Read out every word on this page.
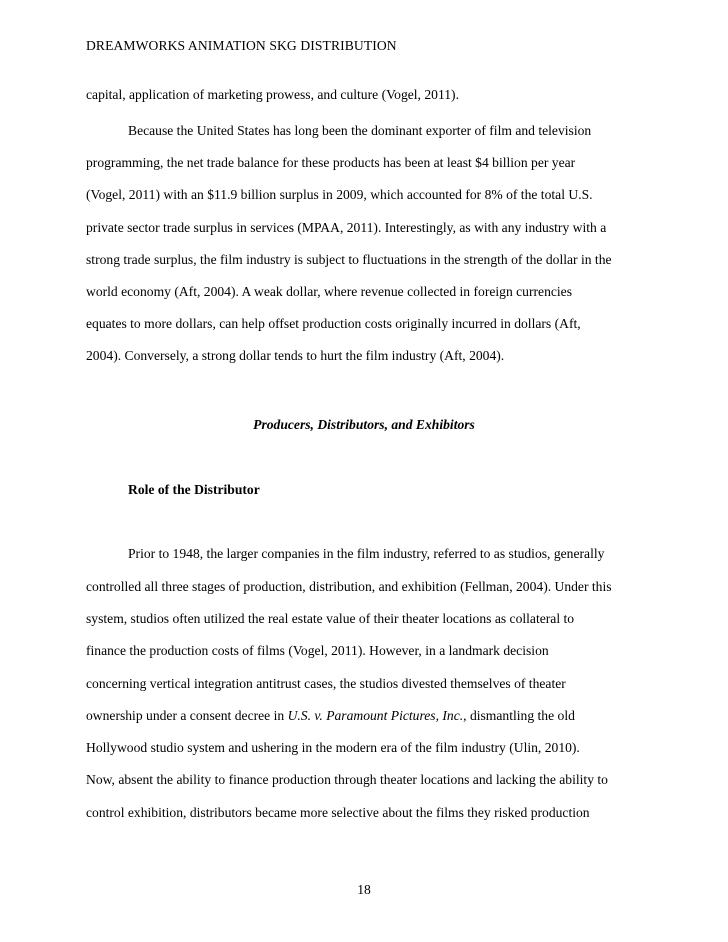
DREAMWORKS ANIMATION SKG DISTRIBUTION
capital, application of marketing prowess, and culture (Vogel, 2011).
Because the United States has long been the dominant exporter of film and television
programming, the net trade balance for these products has been at least $4 billion per year
(Vogel, 2011) with an $11.9 billion surplus in 2009, which accounted for 8% of the total U.S.
private sector trade surplus in services (MPAA, 2011). Interestingly, as with any industry with a
strong trade surplus, the film industry is subject to fluctuations in the strength of the dollar in the
world economy (Aft, 2004). A weak dollar, where revenue collected in foreign currencies
equates to more dollars, can help offset production costs originally incurred in dollars (Aft,
2004). Conversely, a strong dollar tends to hurt the film industry (Aft, 2004).
Producers, Distributors, and Exhibitors
Role of the Distributor
Prior to 1948, the larger companies in the film industry, referred to as studios, generally
controlled all three stages of production, distribution, and exhibition (Fellman, 2004). Under this
system, studios often utilized the real estate value of their theater locations as collateral to
finance the production costs of films (Vogel, 2011). However, in a landmark decision
concerning vertical integration antitrust cases, the studios divested themselves of theater
ownership under a consent decree in U.S. v. Paramount Pictures, Inc., dismantling the old
Hollywood studio system and ushering in the modern era of the film industry (Ulin, 2010).
Now, absent the ability to finance production through theater locations and lacking the ability to
control exhibition, distributors became more selective about the films they risked production
18
